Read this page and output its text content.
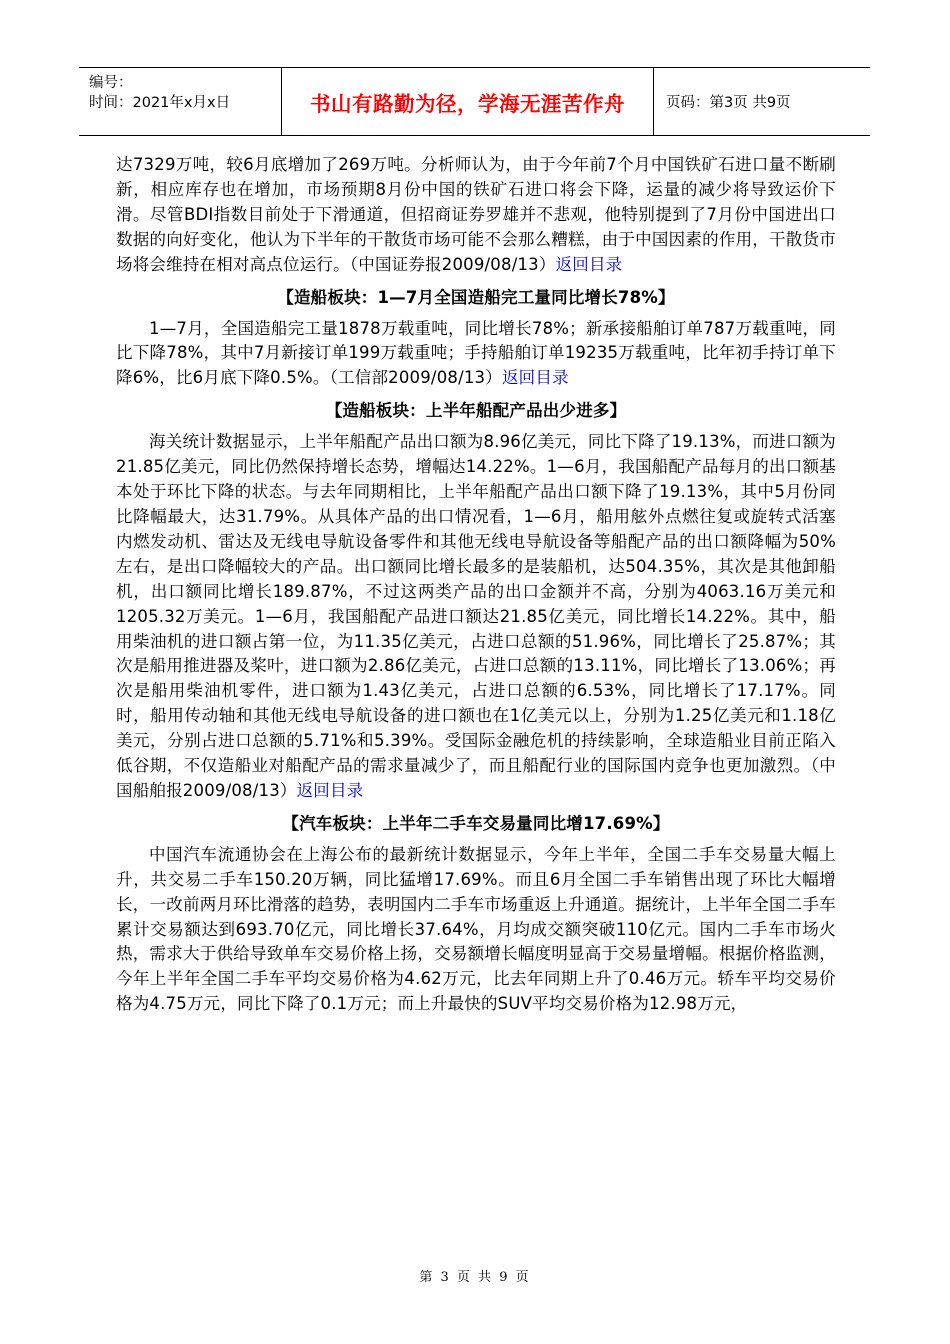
编号：
时间：2021年x月x日	书山有路勤为径，学海无涯苦作舟	页码：第3页 共9页

达7329万吨，较6月底增加了269万吨。分析师认为，由于今年前7个月中国铁矿石进口量不断刷新，相应库存也在增加，市场预期8月份中国的铁矿石进口将会下降，运量的减少将导致运价下滑。尽管BDI指数目前处于下滑通道，但招商证券罗雄并不悲观，他特别提到了7月份中国进出口数据的向好变化，他认为下半年的干散货市场可能不会那么糟糕，由于中国因素的作用，干散货市场将会维持在相对高点位运行。（中国证券报2009/08/13）返回目录

【造船板块：1—7月全国造船完工量同比增长78%】

1—7月，全国造船完工量1878万载重吨，同比增长78%；新承接船舶订单787万载重吨，同比下降78%，其中7月新接订单199万载重吨；手持船舶订单19235万载重吨，比年初手持订单下降6%，比6月底下降0.5%。（工信部2009/08/13）返回目录

【造船板块：上半年船配产品出少进多】

海关统计数据显示，上半年船配产品出口额为8.96亿美元，同比下降了19.13%，而进口额为21.85亿美元，同比仍然保持增长态势，增幅达14.22%。1—6月，我国船配产品每月的出口额基本处于环比下降的状态。与去年同期相比，上半年船配产品出口额下降了19.13%，其中5月份同比降幅最大，达31.79%。从具体产品的出口情况看，1—6月，船用舷外点燃往复或旋转式活塞内燃发动机、雷达及无线电导航设备零件和其他无线电导航设备等船配产品的出口额降幅为50%左右，是出口降幅较大的产品。出口额同比增长最多的是装船机，达504.35%，其次是其他卸船机，出口额同比增长189.87%，不过这两类产品的出口金额并不高，分别为4063.16万美元和1205.32万美元。1—6月，我国船配产品进口额达21.85亿美元，同比增长14.22%。其中，船用柴油机的进口额占第一位，为11.35亿美元，占进口总额的51.96%，同比增长了25.87%；其次是船用推进器及桨叶，进口额为2.86亿美元，占进口总额的13.11%，同比增长了13.06%；再次是船用柴油机零件，进口额为1.43亿美元，占进口总额的6.53%，同比增长了17.17%。同时，船用传动轴和其他无线电导航设备的进口额也在1亿美元以上，分别为1.25亿美元和1.18亿美元，分别占进口总额的5.71%和5.39%。受国际金融危机的持续影响，全球造船业目前正陷入低谷期，不仅造船业对船配产品的需求量减少了，而且船配行业的国际国内竞争也更加激烈。（中国船舶报2009/08/13）返回目录

【汽车板块：上半年二手车交易量同比增17.69%】

中国汽车流通协会在上海公布的最新统计数据显示，今年上半年，全国二手车交易量大幅上升，共交易二手车150.20万辆，同比猛增17.69%。而且6月全国二手车销售出现了环比大幅增长，一改前两月环比滑落的趋势，表明国内二手车市场重返上升通道。据统计，上半年全国二手车累计交易额达到693.70亿元，同比增长37.64%，月均成交额突破110亿元。国内二手车市场火热，需求大于供给导致单车交易价格上扬，交易额增长幅度明显高于交易量增幅。根据价格监测，今年上半年全国二手车平均交易价格为4.62万元，比去年同期上升了0.46万元。轿车平均交易价格为4.75万元，同比下降了0.1万元；而上升最快的SUV平均交易价格为12.98万元，

第 3 页 共 9 页
